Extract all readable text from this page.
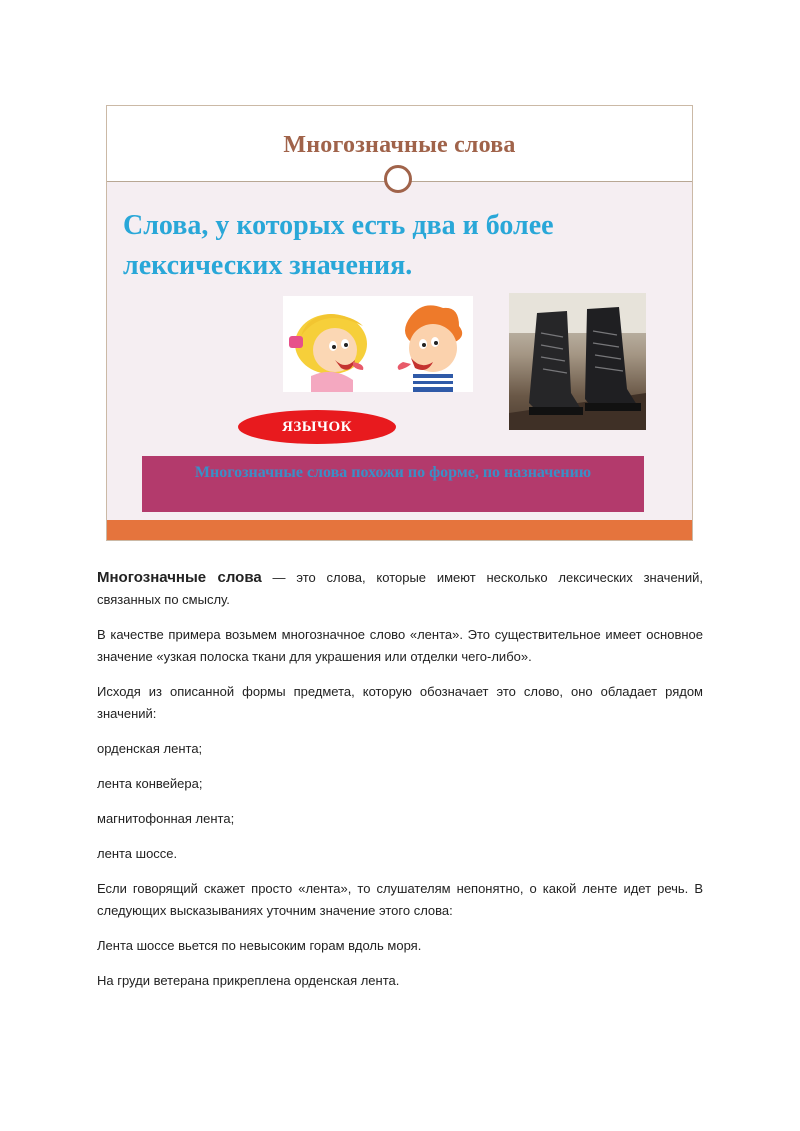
Многозначные слова
Слова, у которых есть два и более лексических значения.
ЯЗЫЧОК
Многозначные слова похожи по форме, по назначению

Многозначные слова — это слова, которые имеют несколько лексических значений, связанных по смыслу.

В качестве примера возьмем многозначное слово «лента». Это существительное имеет основное значение «узкая полоска ткани для украшения или отделки чего-либо».

Исходя из описанной формы предмета, которую обозначает это слово, оно обладает рядом значений:

орденская лента;

лента конвейера;

магнитофонная лента;

лента шоссе.

Если говорящий скажет просто «лента», то слушателям непонятно, о какой ленте идет речь. В следующих высказываниях уточним значение этого слова:

Лента шоссе вьется по невысоким горам вдоль моря.

На груди ветерана прикреплена орденская лента.
